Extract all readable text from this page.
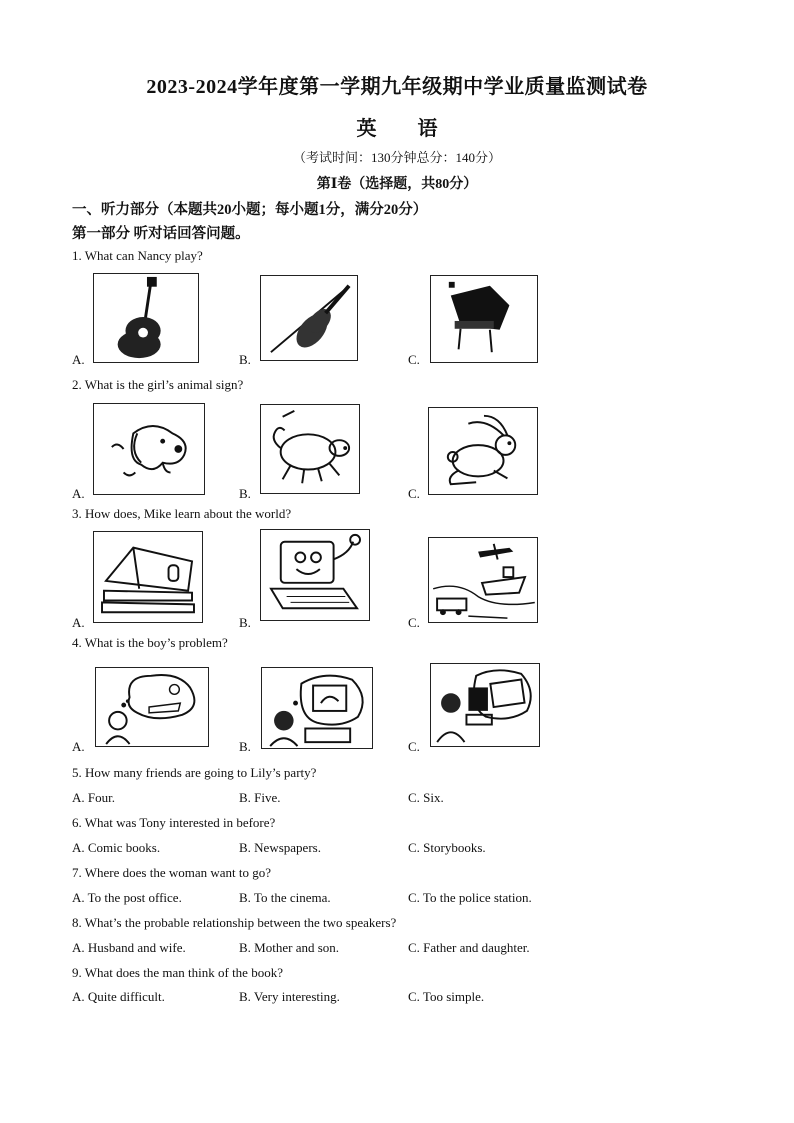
2023-2024学年度第一学期九年级期中学业质量监测试卷
英 语
（考试时间：130分钟总分：140分）
第Ⅰ卷（选择题，共80分）
一、听力部分（本题共20小题；每小题1分，满分20分）
第一部分 听对话回答问题。
1. What can Nancy play?
A.	B.	C.
2. What is the girl’s animal sign?
A.	B.	C.
3. How does, Mike learn about the world?
A.	B.	C.
4. What is the boy’s problem?
A.	B.	C.
5. How many friends are going to Lily’s party?
A. Four.	B. Five.	C. Six.
6. What was Tony interested in before?
A. Comic books.	B. Newspapers.	C. Storybooks.
7. Where does the woman want to go?
A. To the post office.	B. To the cinema.	C. To the police station.
8. What’s the probable relationship between the two speakers?
A. Husband and wife.	B. Mother and son.	C. Father and daughter.
9. What does the man think of the book?
A. Quite difficult.	B. Very interesting.	C. Too simple.
